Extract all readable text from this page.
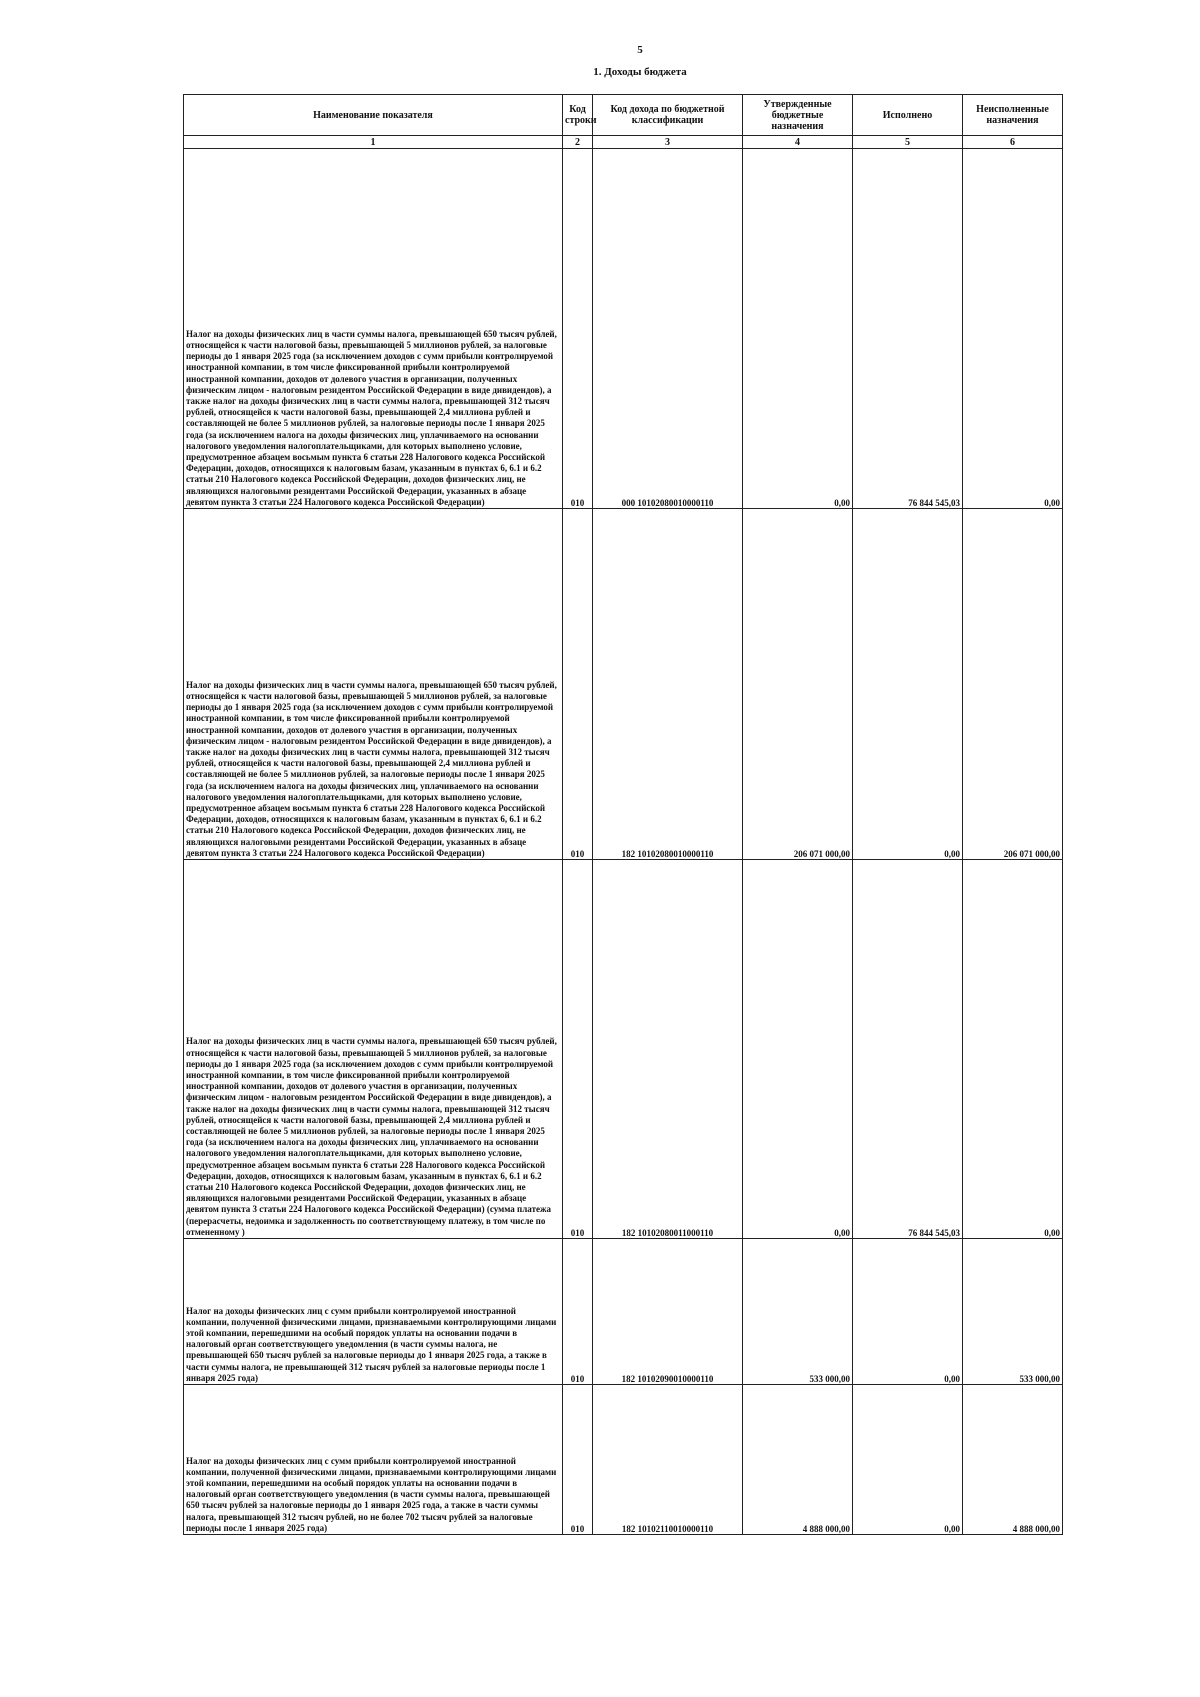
5
1. Доходы бюджета
Наименование показателя	Код строки	Код дохода по бюджетной классификации	Утвержденные бюджетные назначения	Исполнено	Неисполненные назначения
1	2	3	4	5	6
Налог на доходы физических лиц в части суммы налога, превышающей 650 тысяч рублей, относящейся к части налоговой базы, превышающей 5 миллионов рублей, за налоговые периоды до 1 января 2025 года (за исключением доходов с сумм прибыли контролируемой иностранной компании, в том числе фиксированной прибыли контролируемой иностранной компании, доходов от долевого участия в организации, полученных физическим лицом - налоговым резидентом Российской Федерации в виде дивидендов), а также налог на доходы физических лиц в части суммы налога, превышающей 312 тысяч рублей, относящейся к части налоговой базы, превышающей 2,4 миллиона рублей и составляющей не более 5 миллионов рублей, за налоговые периоды после 1 января 2025 года (за исключением налога на доходы физических лиц, уплачиваемого на основании налогового уведомления налогоплательщиками, для которых выполнено условие, предусмотренное абзацем восьмым пункта 6 статьи 228 Налогового кодекса Российской Федерации, доходов, относящихся к налоговым базам, указанным в пунктах 6, 6.1 и 6.2 статьи 210 Налогового кодекса Российской Федерации, доходов физических лиц, не являющихся налоговыми резидентами Российской Федерации, указанных в абзаце девятом пункта 3 статьи 224 Налогового кодекса Российской Федерации)	010	000 10102080010000110	0,00	76 844 545,03	0,00
Налог на доходы физических лиц в части суммы налога, превышающей 650 тысяч рублей, относящейся к части налоговой базы, превышающей 5 миллионов рублей, за налоговые периоды до 1 января 2025 года (за исключением доходов с сумм прибыли контролируемой иностранной компании, в том числе фиксированной прибыли контролируемой иностранной компании, доходов от долевого участия в организации, полученных физическим лицом - налоговым резидентом Российской Федерации в виде дивидендов), а также налог на доходы физических лиц в части суммы налога, превышающей 312 тысяч рублей, относящейся к части налоговой базы, превышающей 2,4 миллиона рублей и составляющей не более 5 миллионов рублей, за налоговые периоды после 1 января 2025 года (за исключением налога на доходы физических лиц, уплачиваемого на основании налогового уведомления налогоплательщиками, для которых выполнено условие, предусмотренное абзацем восьмым пункта 6 статьи 228 Налогового кодекса Российской Федерации, доходов, относящихся к налоговым базам, указанным в пунктах 6, 6.1 и 6.2 статьи 210 Налогового кодекса Российской Федерации, доходов физических лиц, не являющихся налоговыми резидентами Российской Федерации, указанных в абзаце девятом пункта 3 статьи 224 Налогового кодекса Российской Федерации)	010	182 10102080010000110	206 071 000,00	0,00	206 071 000,00
Налог на доходы физических лиц в части суммы налога, превышающей 650 тысяч рублей, относящейся к части налоговой базы, превышающей 5 миллионов рублей, за налоговые периоды до 1 января 2025 года (за исключением доходов с сумм прибыли контролируемой иностранной компании, в том числе фиксированной прибыли контролируемой иностранной компании, доходов от долевого участия в организации, полученных физическим лицом - налоговым резидентом Российской Федерации в виде дивидендов), а также налог на доходы физических лиц в части суммы налога, превышающей 312 тысяч рублей, относящейся к части налоговой базы, превышающей 2,4 миллиона рублей и составляющей не более 5 миллионов рублей, за налоговые периоды после 1 января 2025 года (за исключением налога на доходы физических лиц, уплачиваемого на основании налогового уведомления налогоплательщиками, для которых выполнено условие, предусмотренное абзацем восьмым пункта 6 статьи 228 Налогового кодекса Российской Федерации, доходов, относящихся к налоговым базам, указанным в пунктах 6, 6.1 и 6.2 статьи 210 Налогового кодекса Российской Федерации, доходов физических лиц, не являющихся налоговыми резидентами Российской Федерации, указанных в абзаце девятом пункта 3 статьи 224 Налогового кодекса Российской Федерации) (сумма платежа (перерасчеты, недоимка и задолженность по соответствующему платежу, в том числе по отмененному )	010	182 10102080011000110	0,00	76 844 545,03	0,00
Налог на доходы физических лиц с сумм прибыли контролируемой иностранной компании, полученной физическими лицами, признаваемыми контролирующими лицами этой компании, перешедшими на особый порядок уплаты на основании подачи в налоговый орган соответствующего уведомления (в части суммы налога, не превышающей 650 тысяч рублей за налоговые периоды до 1 января 2025 года, а также в части суммы налога, не превышающей 312 тысяч рублей за налоговые периоды после 1 января 2025 года)	010	182 10102090010000110	533 000,00	0,00	533 000,00
Налог на доходы физических лиц с сумм прибыли контролируемой иностранной компании, полученной физическими лицами, признаваемыми контролирующими лицами этой компании, перешедшими на особый порядок уплаты на основании подачи в налоговый орган соответствующего уведомления (в части суммы налога, превышающей 650 тысяч рублей за налоговые периоды до 1 января 2025 года, а также в части суммы налога, превышающей 312 тысяч рублей, но не более 702 тысяч рублей за налоговые периоды после 1 января 2025 года)	010	182 10102110010000110	4 888 000,00	0,00	4 888 000,00
